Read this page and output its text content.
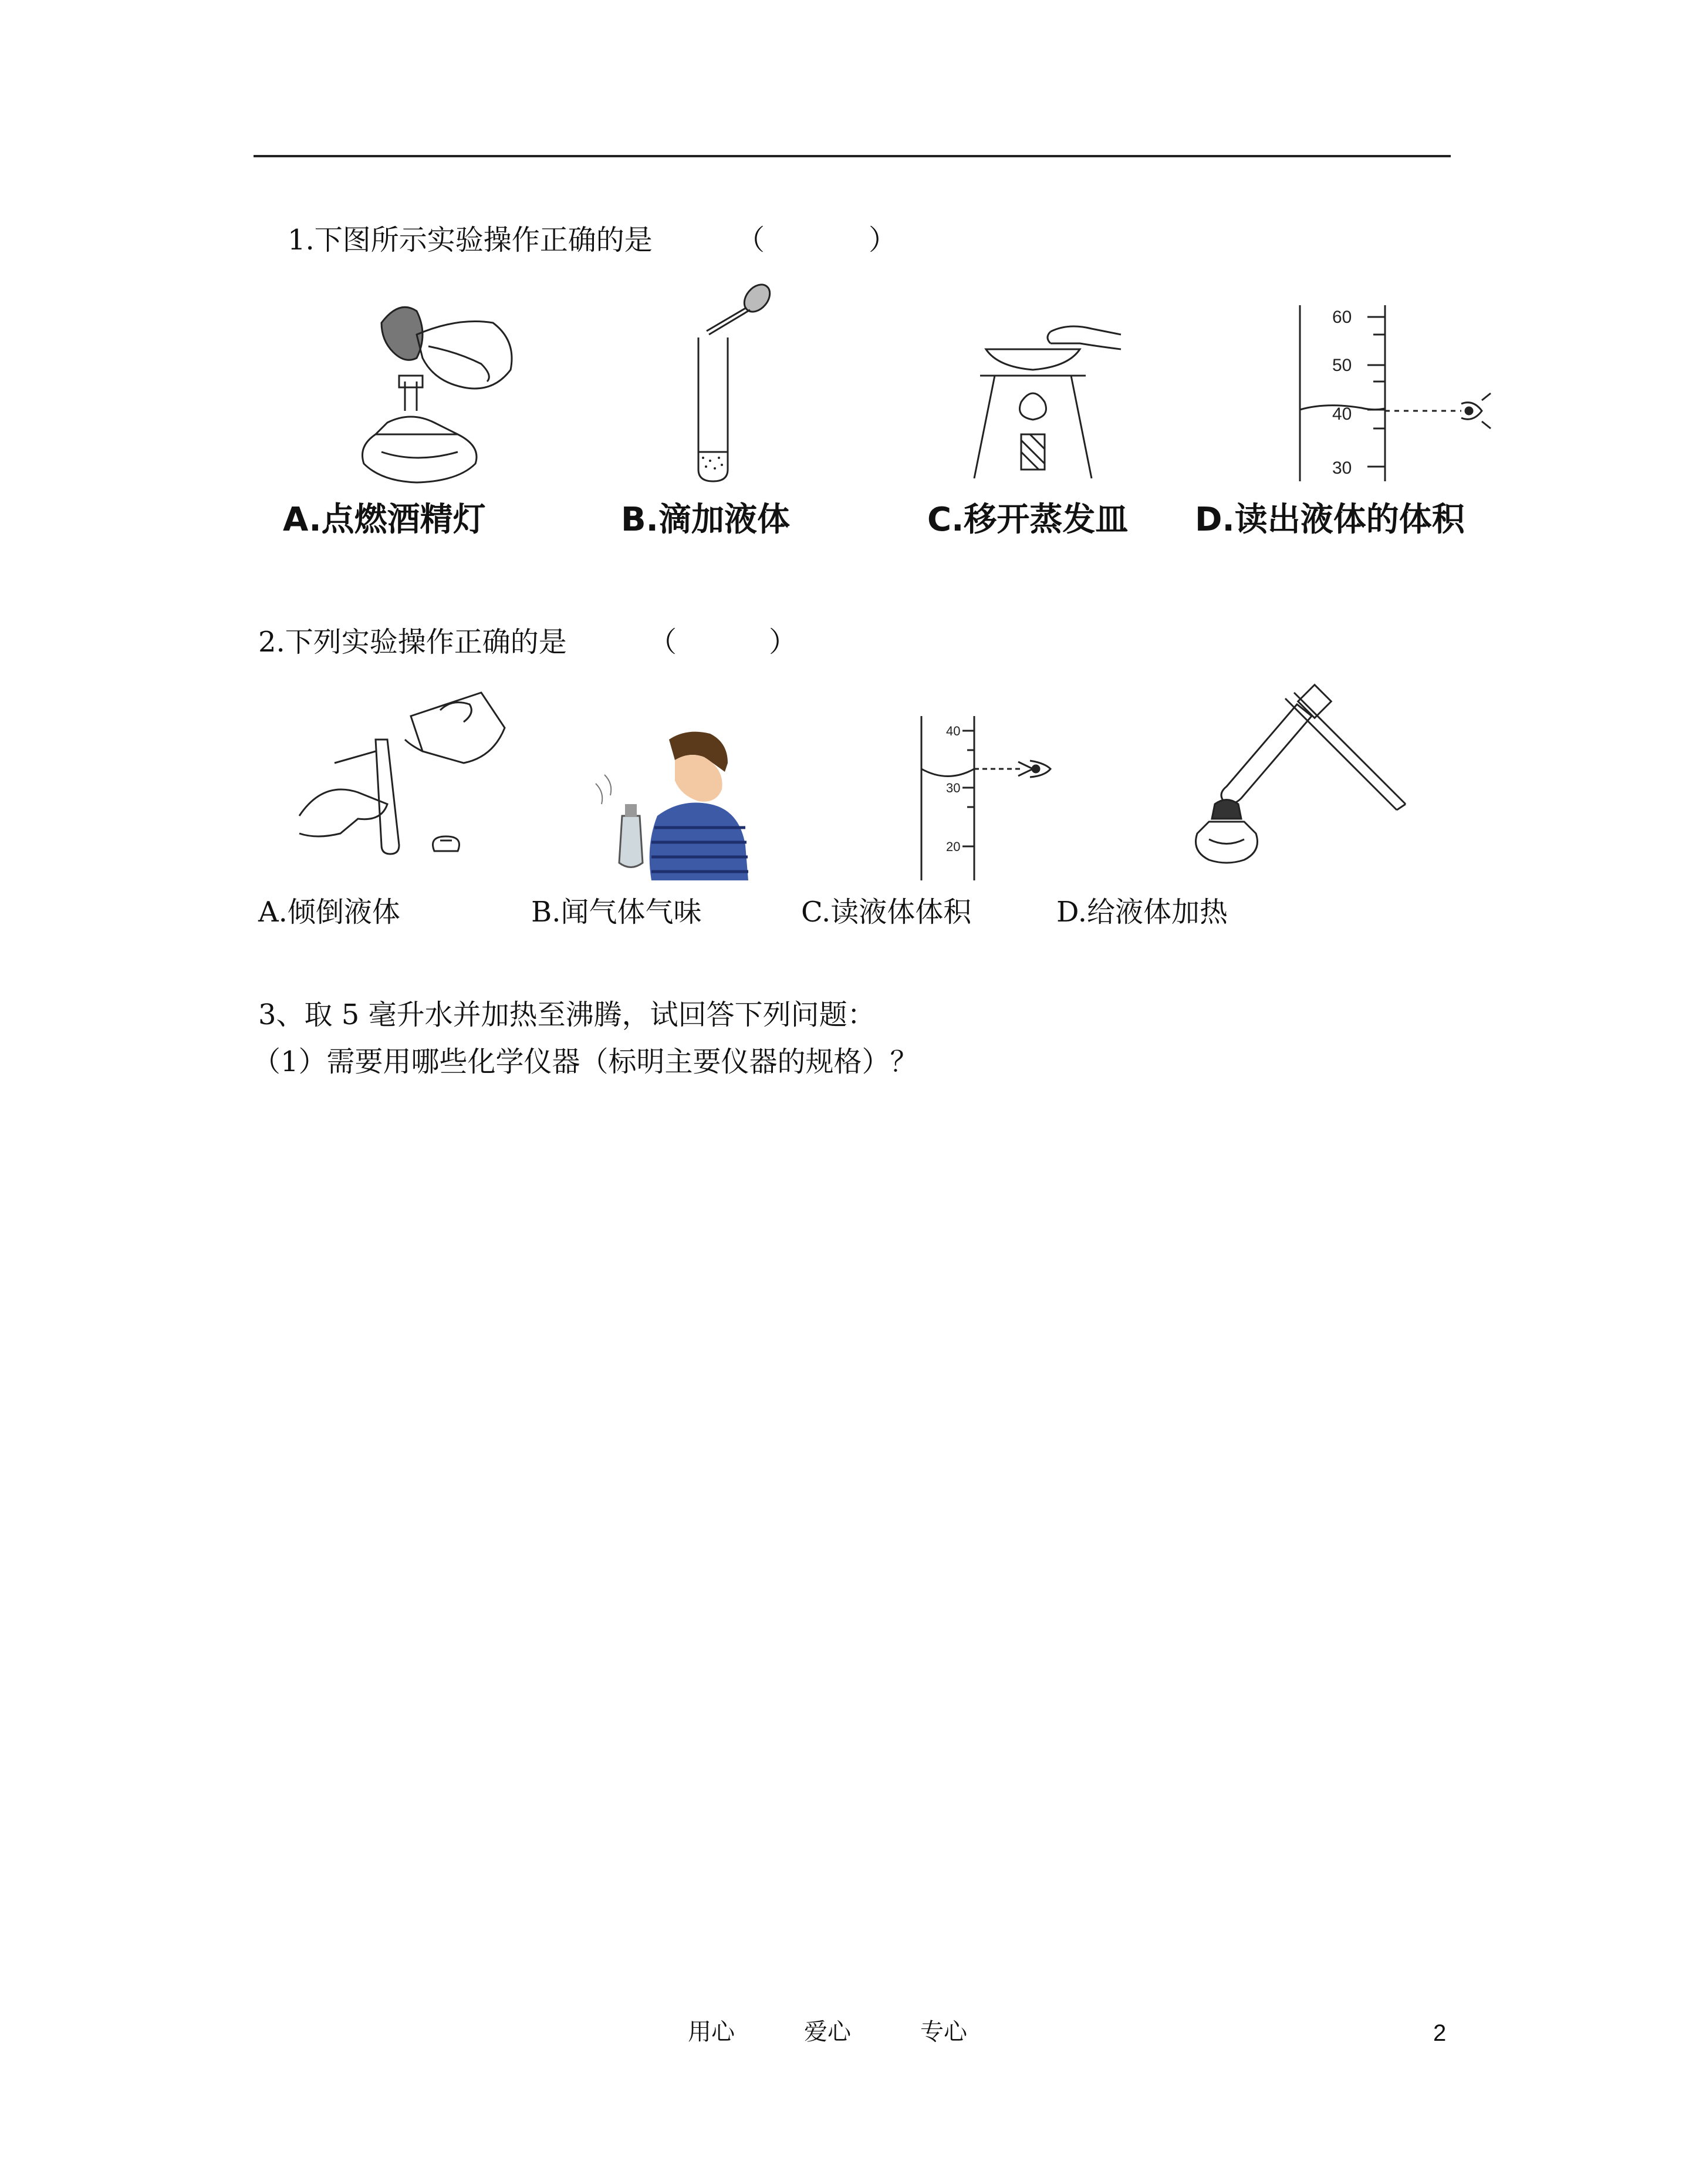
1.下图所示实验操作正确的是	（	）
A.点燃酒精灯	B.滴加液体	C.移开蒸发皿
60
50
40
30
D.读出液体的体积
2.下列实验操作正确的是	（	）
A.倾倒液体	B.闻气体气味
40
30
20
C.读液体体积	D.给液体加热
3、取 5 毫升水并加热至沸腾，试回答下列问题：
（1）需要用哪些化学仪器（标明主要仪器的规格）？
用心	爱心	专心	2
